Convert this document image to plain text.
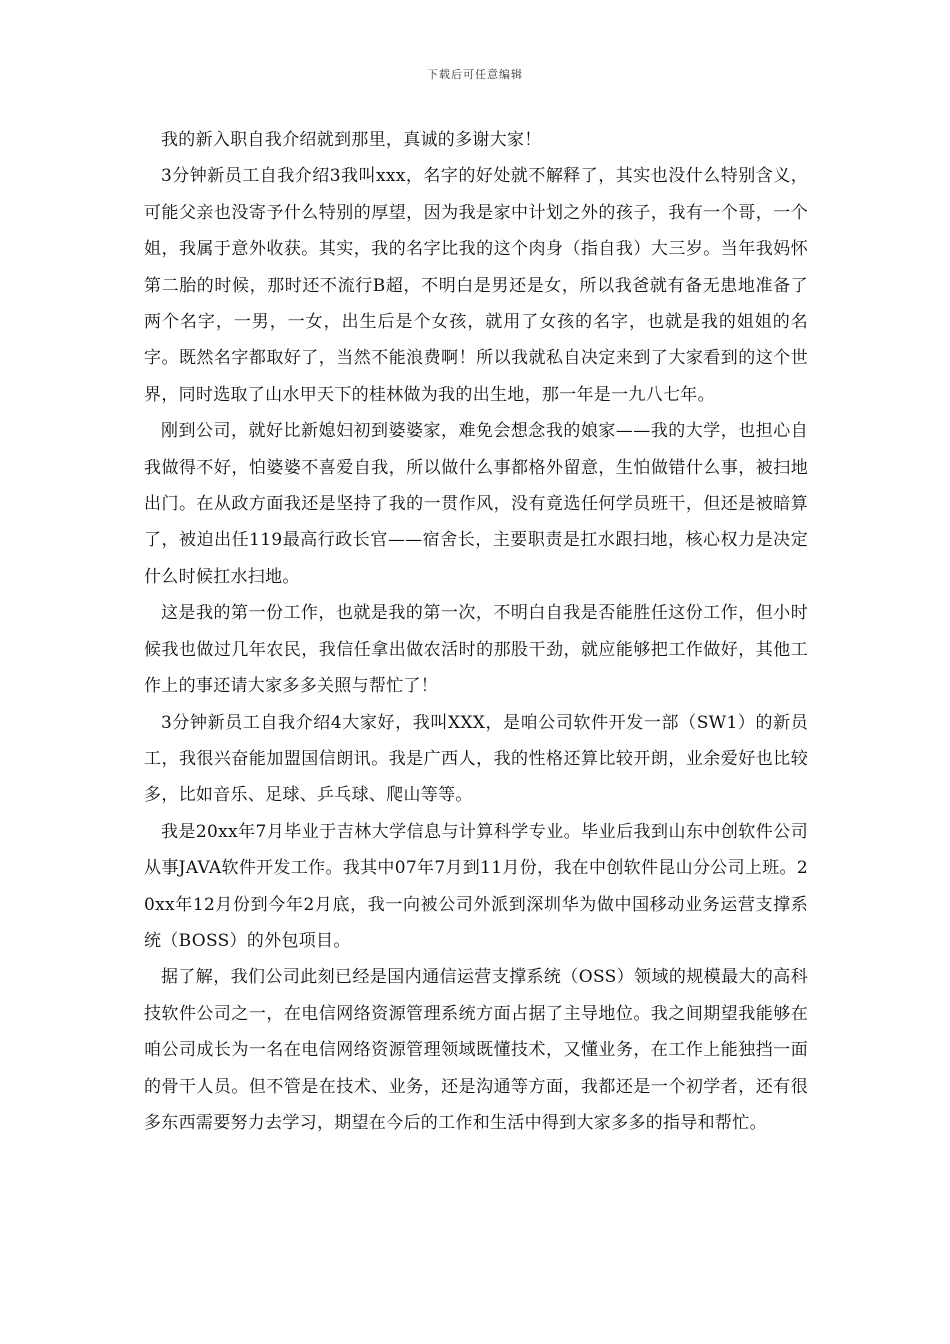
下载后可任意编辑

我的新入职自我介绍就到那里，真诚的多谢大家！

3分钟新员工自我介绍3我叫xxx，名字的好处就不解释了，其实也没什么特别含义，可能父亲也没寄予什么特别的厚望，因为我是家中计划之外的孩子，我有一个哥，一个姐，我属于意外收获。其实，我的名字比我的这个肉身（指自我）大三岁。当年我妈怀第二胎的时候，那时还不流行B超，不明白是男还是女，所以我爸就有备无患地准备了两个名字，一男，一女，出生后是个女孩，就用了女孩的名字，也就是我的姐姐的名字。既然名字都取好了，当然不能浪费啊！所以我就私自决定来到了大家看到的这个世界，同时选取了山水甲天下的桂林做为我的出生地，那一年是一九八七年。

刚到公司，就好比新媳妇初到婆婆家，难免会想念我的娘家——我的大学，也担心自我做得不好，怕婆婆不喜爱自我，所以做什么事都格外留意，生怕做错什么事，被扫地出门。在从政方面我还是坚持了我的一贯作风，没有竟选任何学员班干，但还是被暗算了，被迫出任119最高行政长官——宿舍长，主要职责是扛水跟扫地，核心权力是决定什么时候扛水扫地。

这是我的第一份工作，也就是我的第一次，不明白自我是否能胜任这份工作，但小时候我也做过几年农民，我信任拿出做农活时的那股干劲，就应能够把工作做好，其他工作上的事还请大家多多关照与帮忙了！

3分钟新员工自我介绍4大家好，我叫XXX，是咱公司软件开发一部（SW1）的新员工，我很兴奋能加盟国信朗讯。我是广西人，我的性格还算比较开朗，业余爱好也比较多，比如音乐、足球、乒乓球、爬山等等。

我是20xx年7月毕业于吉林大学信息与计算科学专业。毕业后我到山东中创软件公司从事JAVA软件开发工作。我其中07年7月到11月份，我在中创软件昆山分公司上班。20xx年12月份到今年2月底，我一向被公司外派到深圳华为做中国移动业务运营支撑系统（BOSS）的外包项目。

据了解，我们公司此刻已经是国内通信运营支撑系统（OSS）领域的规模最大的高科技软件公司之一，在电信网络资源管理系统方面占据了主导地位。我之间期望我能够在咱公司成长为一名在电信网络资源管理领域既懂技术，又懂业务，在工作上能独挡一面的骨干人员。但不管是在技术、业务，还是沟通等方面，我都还是一个初学者，还有很多东西需要努力去学习，期望在今后的工作和生活中得到大家多多的指导和帮忙。
